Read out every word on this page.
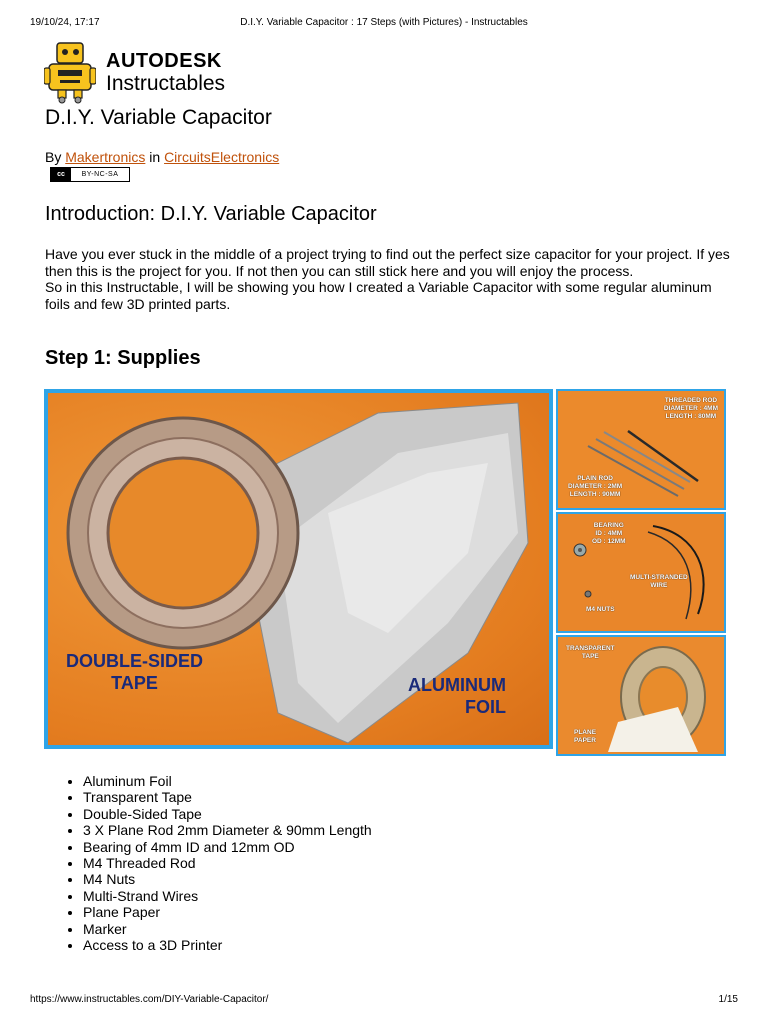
19/10/24, 17:17	D.I.Y. Variable Capacitor : 17 Steps (with Pictures) - Instructables
AUTODESK
Instructables
D.I.Y. Variable Capacitor
By Makertronics in CircuitsElectronics
cc	BY-NC-SA
Introduction: D.I.Y. Variable Capacitor

Have you ever stuck in the middle of a project trying to find out the perfect size capacitor for your project. If yes then this is the project for you. If not then you can still stick here and you will enjoy the process.

So in this Instructable, I will be showing you how I created a Variable Capacitor with some regular aluminum foils and few 3D printed parts.

Step 1: Supplies
DOUBLE-SIDED
TAPE	ALUMINUM
FOIL
THREADED ROD
DIAMETER : 4MM
LENGTH : 80MM
PLAIN ROD
DIAMETER : 2MM
LENGTH : 90MM
BEARING
ID : 4MM
OD : 12MM
MULTI-STRANDED
WIRE
M4 NUTS
TRANSPARENT
TAPE
PLANE
PAPER
• Aluminum Foil
• Transparent Tape
• Double-Sided Tape
• 3 X Plane Rod 2mm Diameter & 90mm Length
• Bearing of 4mm ID and 12mm OD
• M4 Threaded Rod
• M4 Nuts
• Multi-Strand Wires
• Plane Paper
• Marker
• Access to a 3D Printer
https://www.instructables.com/DIY-Variable-Capacitor/	1/15
